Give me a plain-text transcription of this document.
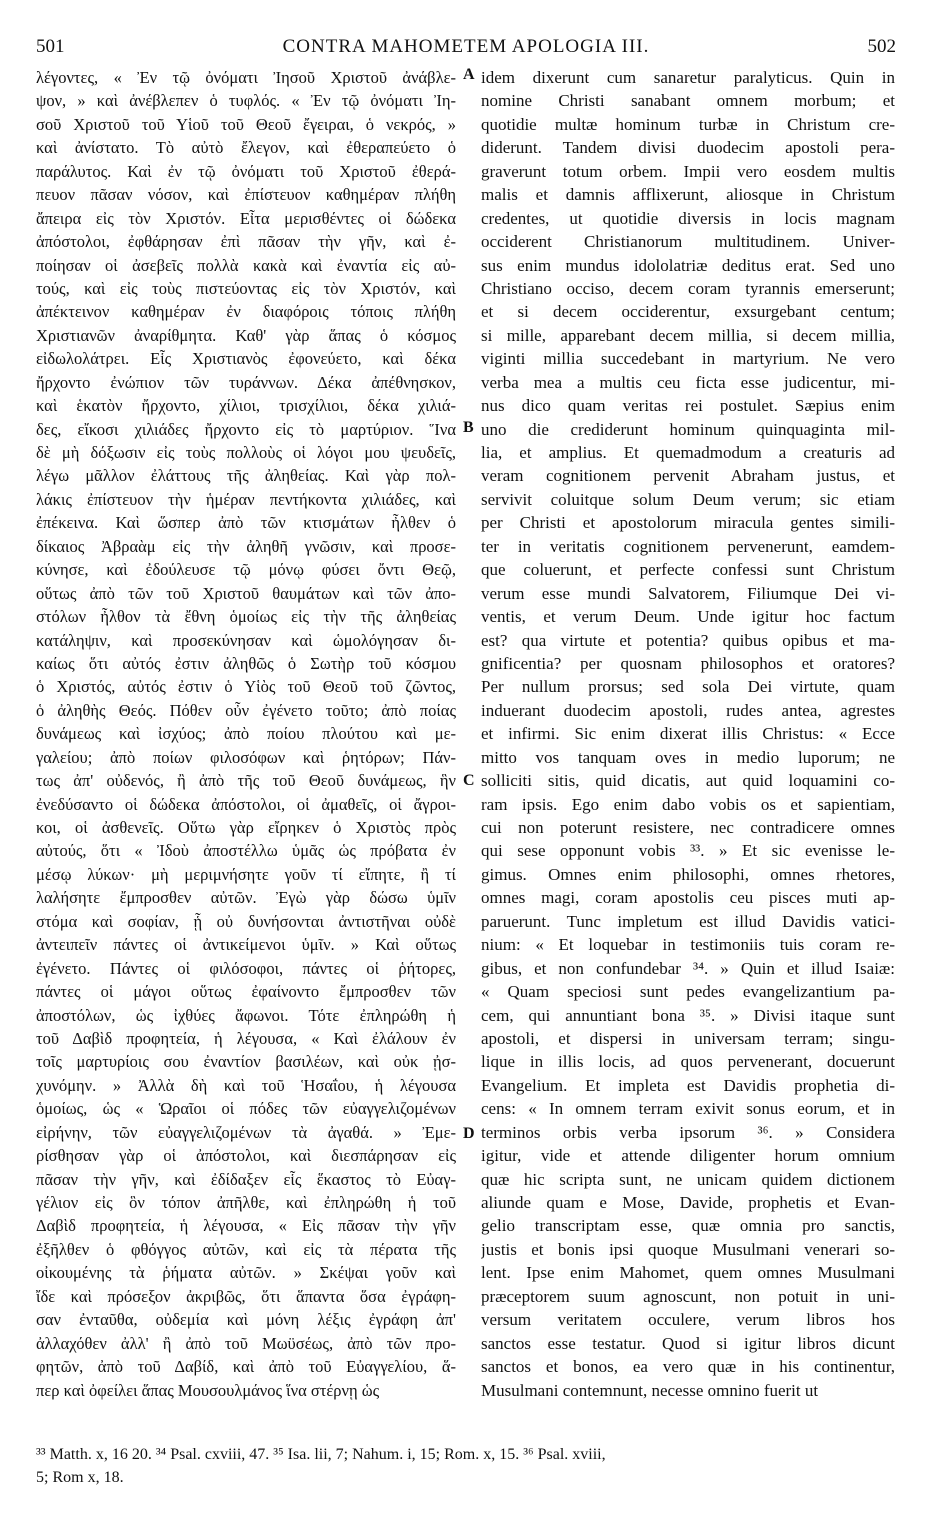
501	CONTRA MAHOMETEM APOLOGIA III.	502
λέγοντες, « Ἐν τῷ ὀνόματι Ἰησοῦ Χριστοῦ ἀνάβλε-
ψον, » καὶ ἀνέβλεπεν ὁ τυφλός. « Ἐν τῷ ὀνόματι Ἰη-
σοῦ Χριστοῦ τοῦ Υἱοῦ τοῦ Θεοῦ ἔγειραι, ὁ νεκρός, »
καὶ ἀνίστατο. Τὸ αὐτὸ ἔλεγον, καὶ ἐθεραπεύετο ὁ
παράλυτος. Καὶ ἐν τῷ ὀνόματι τοῦ Χριστοῦ ἐθερά-
πευον πᾶσαν νόσον, καὶ ἐπίστευον καθημέραν πλήθη
ἄπειρα εἰς τὸν Χριστόν. Εἶτα μερισθέντες οἱ δώδεκα
ἀπόστολοι, ἐφθάρησαν ἐπὶ πᾶσαν τὴν γῆν, καὶ ἐ-
ποίησαν οἱ ἀσεβεῖς πολλὰ κακὰ καὶ ἐναντία εἰς αὐ-
τούς, καὶ εἰς τοὺς πιστεύοντας εἰς τὸν Χριστόν, καὶ
ἀπέκτεινον καθημέραν ἐν διαφόροις τόποις πλήθη
Χριστιανῶν ἀναρίθμητα. Καθ' γὰρ ἅπας ὁ κόσμος
εἰδωλολάτρει. Εἷς Χριστιανὸς ἐφονεύετο, καὶ δέκα
ἤρχοντο ἐνώπιον τῶν τυράννων. Δέκα ἀπέθνησκον,
καὶ ἑκατὸν ἤρχοντο, χίλιοι, τρισχίλιοι, δέκα χιλιά-
δες, εἴκοσι χιλιάδες ἤρχοντο εἰς τὸ μαρτύριον. Ἵνα
δὲ μὴ δόξωσιν εἰς τοὺς πολλοὺς οἱ λόγοι μου ψευδεῖς,
λέγω μᾶλλον ἐλάττους τῆς ἀληθείας. Καὶ γὰρ πολ-
λάκις ἐπίστευον τὴν ἡμέραν πεντήκοντα χιλιάδες, καὶ
ἐπέκεινα. Καὶ ὥσπερ ἀπὸ τῶν κτισμάτων ἦλθεν ὁ
δίκαιος Ἀβραὰμ εἰς τὴν ἀληθῆ γνῶσιν, καὶ προσε-
κύνησε, καὶ ἐδούλευσε τῷ μόνῳ φύσει ὄντι Θεῷ,
οὕτως ἀπὸ τῶν τοῦ Χριστοῦ θαυμάτων καὶ τῶν ἀπο-
στόλων ἦλθον τὰ ἔθνη ὁμοίως εἰς τὴν τῆς ἀληθείας
κατάληψιν, καὶ προσεκύνησαν καὶ ὡμολόγησαν δι-
καίως ὅτι αὐτός ἐστιν ἀληθῶς ὁ Σωτὴρ τοῦ κόσμου
ὁ Χριστός, αὐτός ἐστιν ὁ Υἱὸς τοῦ Θεοῦ τοῦ ζῶντος,
ὁ ἀληθὴς Θεός. Πόθεν οὖν ἐγένετο τοῦτο; ἀπὸ ποίας
δυνάμεως καὶ ἰσχύος; ἀπὸ ποίου πλούτου καὶ με-
γαλείου; ἀπὸ ποίων φιλοσόφων καὶ ῥητόρων; Πάν-
τως ἀπ' οὐδενός, ἢ ἀπὸ τῆς τοῦ Θεοῦ δυνάμεως, ἣν
ἐνεδύσαντο οἱ δώδεκα ἀπόστολοι, οἱ ἀμαθεῖς, οἱ ἄγροι-
κοι, οἱ ἀσθενεῖς. Οὕτω γὰρ εἴρηκεν ὁ Χριστὸς πρὸς
αὐτούς, ὅτι « Ἰδοὺ ἀποστέλλω ὑμᾶς ὡς πρόβατα ἐν
μέσῳ λύκων· μὴ μεριμνήσητε γοῦν τί εἴπητε, ἢ τί
λαλήσητε ἔμπροσθεν αὐτῶν. Ἐγὼ γὰρ δώσω ὑμῖν
στόμα καὶ σοφίαν, ᾗ οὐ δυνήσονται ἀντιστῆναι οὐδὲ
ἀντειπεῖν πάντες οἱ ἀντικείμενοι ὑμῖν. » Καὶ οὕτως
ἐγένετο. Πάντες οἱ φιλόσοφοι, πάντες οἱ ῥήτορες,
πάντες οἱ μάγοι οὕτως ἐφαίνοντο ἔμπροσθεν τῶν
ἀποστόλων, ὡς ἰχθύες ἄφωνοι. Τότε ἐπληρώθη ἡ
τοῦ Δαβὶδ προφητεία, ἡ λέγουσα, « Καὶ ἐλάλουν ἐν
τοῖς μαρτυρίοις σου ἐναντίον βασιλέων, καὶ οὐκ ᾐσ-
χυνόμην. » Ἀλλὰ δὴ καὶ τοῦ Ἡσαΐου, ἡ λέγουσα
ὁμοίως, ὡς « Ὡραῖοι οἱ πόδες τῶν εὐαγγελιζομένων
εἰρήνην, τῶν εὐαγγελιζομένων τὰ ἀγαθά. » Ἐμε-
ρίσθησαν γὰρ οἱ ἀπόστολοι, καὶ διεσπάρησαν εἰς
πᾶσαν τὴν γῆν, καὶ ἐδίδαξεν εἷς ἕκαστος τὸ Εὐαγ-
γέλιον εἰς ὃν τόπον ἀπῆλθε, καὶ ἐπληρώθη ἡ τοῦ
Δαβὶδ προφητεία, ἡ λέγουσα, « Εἰς πᾶσαν τὴν γῆν
ἐξῆλθεν ὁ φθόγγος αὐτῶν, καὶ εἰς τὰ πέρατα τῆς
οἰκουμένης τὰ ῥήματα αὐτῶν. » Σκέψαι γοῦν καὶ
ἴδε καὶ πρόσεξον ἀκριβῶς, ὅτι ἅπαντα ὅσα ἐγράφη-
σαν ἐνταῦθα, οὐδεμία καὶ μόνη λέξις ἐγράφη ἀπ'
ἀλλαχόθεν ἀλλ' ἢ ἀπὸ τοῦ Μωϋσέως, ἀπὸ τῶν προ-
φητῶν, ἀπὸ τοῦ Δαβίδ, καὶ ἀπὸ τοῦ Εὐαγγελίου, ἅ-
περ καὶ ὀφείλει ἅπας Μουσουλμάνος ἵνα στέρνῃ ὡς
A
B
C
D
idem dixerunt cum sanaretur paralyticus. Quin in
nomine Christi sanabant omnem morbum; et
quotidie multæ hominum turbæ in Christum cre-
diderunt. Tandem divisi duodecim apostoli pera-
graverunt totum orbem. Impii vero eosdem multis
malis et damnis afflixerunt, aliosque in Christum
credentes, ut quotidie diversis in locis magnam
occiderent Christianorum multitudinem. Univer-
sus enim mundus idololatriæ deditus erat. Sed uno
Christiano occiso, decem coram tyrannis emerserunt;
et si decem occiderentur, exsurgebant centum;
si mille, apparebant decem millia, si decem millia,
viginti millia succedebant in martyrium. Ne vero
verba mea a multis ceu ficta esse judicentur, mi-
nus dico quam veritas rei postulet. Sæpius enim
uno die crediderunt hominum quinquaginta mil-
lia, et amplius. Et quemadmodum a creaturis ad
veram cognitionem pervenit Abraham justus, et
servivit coluitque solum Deum verum; sic etiam
per Christi et apostolorum miracula gentes simili-
ter in veritatis cognitionem pervenerunt, eamdem-
que coluerunt, et perfecte confessi sunt Christum
verum esse mundi Salvatorem, Filiumque Dei vi-
ventis, et verum Deum. Unde igitur hoc factum
est? qua virtute et potentia? quibus opibus et ma-
gnificentia? per quosnam philosophos et oratores?
Per nullum prorsus; sed sola Dei virtute, quam
induerant duodecim apostoli, rudes antea, agrestes
et infirmi. Sic enim dixerat illis Christus: « Ecce
mitto vos tanquam oves in medio luporum; ne
solliciti sitis, quid dicatis, aut quid loquamini co-
ram ipsis. Ego enim dabo vobis os et sapientiam,
cui non poterunt resistere, nec contradicere omnes
qui sese opponunt vobis ³³. » Et sic evenisse le-
gimus. Omnes enim philosophi, omnes rhetores,
omnes magi, coram apostolis ceu pisces muti ap-
paruerunt. Tunc impletum est illud Davidis vatici-
nium: « Et loquebar in testimoniis tuis coram re-
gibus, et non confundebar ³⁴. » Quin et illud Isaiæ:
« Quam speciosi sunt pedes evangelizantium pa-
cem, qui annuntiant bona ³⁵. » Divisi itaque sunt
apostoli, et dispersi in universam terram; singu-
lique in illis locis, ad quos pervenerant, docuerunt
Evangelium. Et impleta est Davidis prophetia di-
cens: « In omnem terram exivit sonus eorum, et in
terminos orbis verba ipsorum ³⁶. » Considera
igitur, vide et attende diligenter horum omnium
quæ hic scripta sunt, ne unicam quidem dictionem
aliunde quam e Mose, Davide, prophetis et Evan-
gelio transcriptam esse, quæ omnia pro sanctis,
justis et bonis ipsi quoque Musulmani venerari so-
lent. Ipse enim Mahomet, quem omnes Musulmani
præceptorem suum agnoscunt, non potuit in uni-
versum veritatem occulere, verum libros hos
sanctos esse testatur. Quod si igitur libros dicunt
sanctos et bonos, ea vero quæ in his continentur,
Musulmani contemnunt, necesse omnino fuerit ut
³³ Matth. x, 16 20. ³⁴ Psal. cxviii, 47. ³⁵ Isa. lii, 7; Nahum. i, 15; Rom. x, 15. ³⁶ Psal. xviii,
5; Rom x, 18.
